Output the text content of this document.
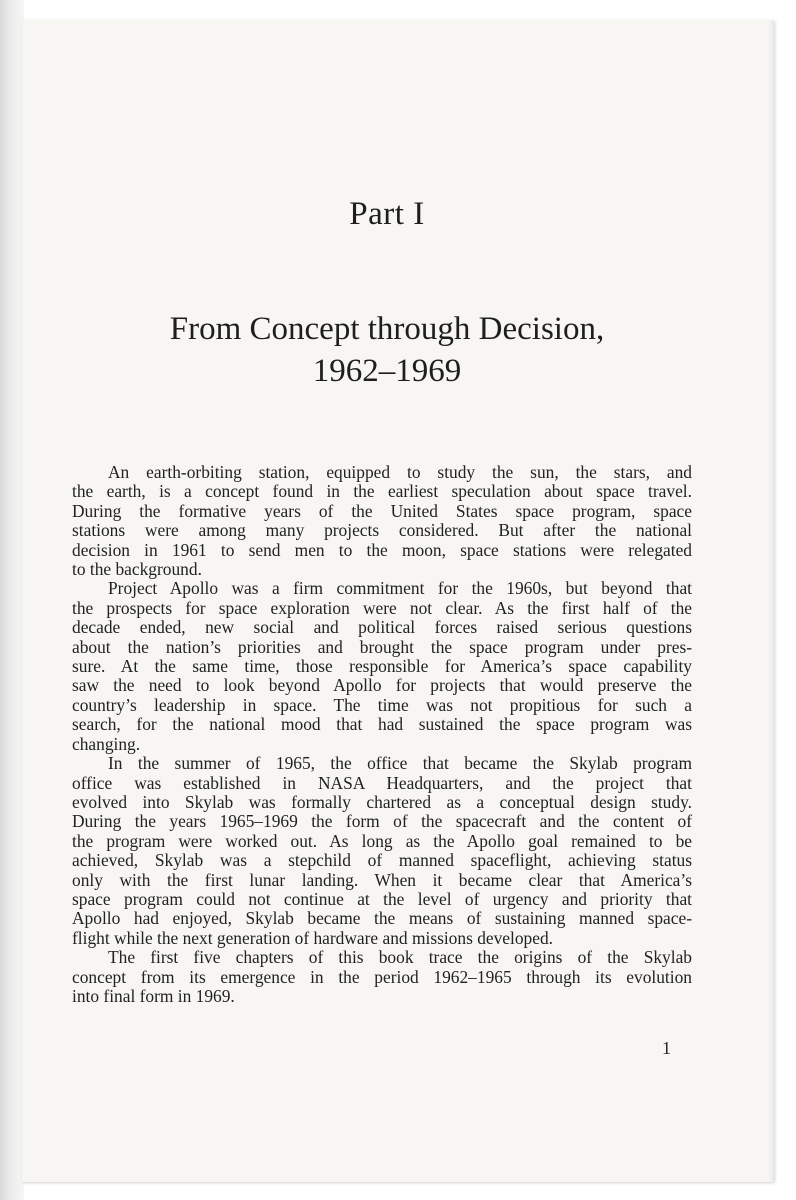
Part I
From Concept through Decision,
1962–1969

An earth-orbiting station, equipped to study the sun, the stars, and
the earth, is a concept found in the earliest speculation about space travel.
During the formative years of the United States space program, space
stations were among many projects considered. But after the national
decision in 1961 to send men to the moon, space stations were relegated
to the background.

Project Apollo was a firm commitment for the 1960s, but beyond that
the prospects for space exploration were not clear. As the first half of the
decade ended, new social and political forces raised serious questions
about the nation’s priorities and brought the space program under pres-
sure. At the same time, those responsible for America’s space capability
saw the need to look beyond Apollo for projects that would preserve the
country’s leadership in space. The time was not propitious for such a
search, for the national mood that had sustained the space program was
changing.

In the summer of 1965, the office that became the Skylab program
office was established in NASA Headquarters, and the project that
evolved into Skylab was formally chartered as a conceptual design study.
During the years 1965–1969 the form of the spacecraft and the content of
the program were worked out. As long as the Apollo goal remained to be
achieved, Skylab was a stepchild of manned spaceflight, achieving status
only with the first lunar landing. When it became clear that America’s
space program could not continue at the level of urgency and priority that
Apollo had enjoyed, Skylab became the means of sustaining manned space-
flight while the next generation of hardware and missions developed.

The first five chapters of this book trace the origins of the Skylab
concept from its emergence in the period 1962–1965 through its evolution
into final form in 1969.

1
